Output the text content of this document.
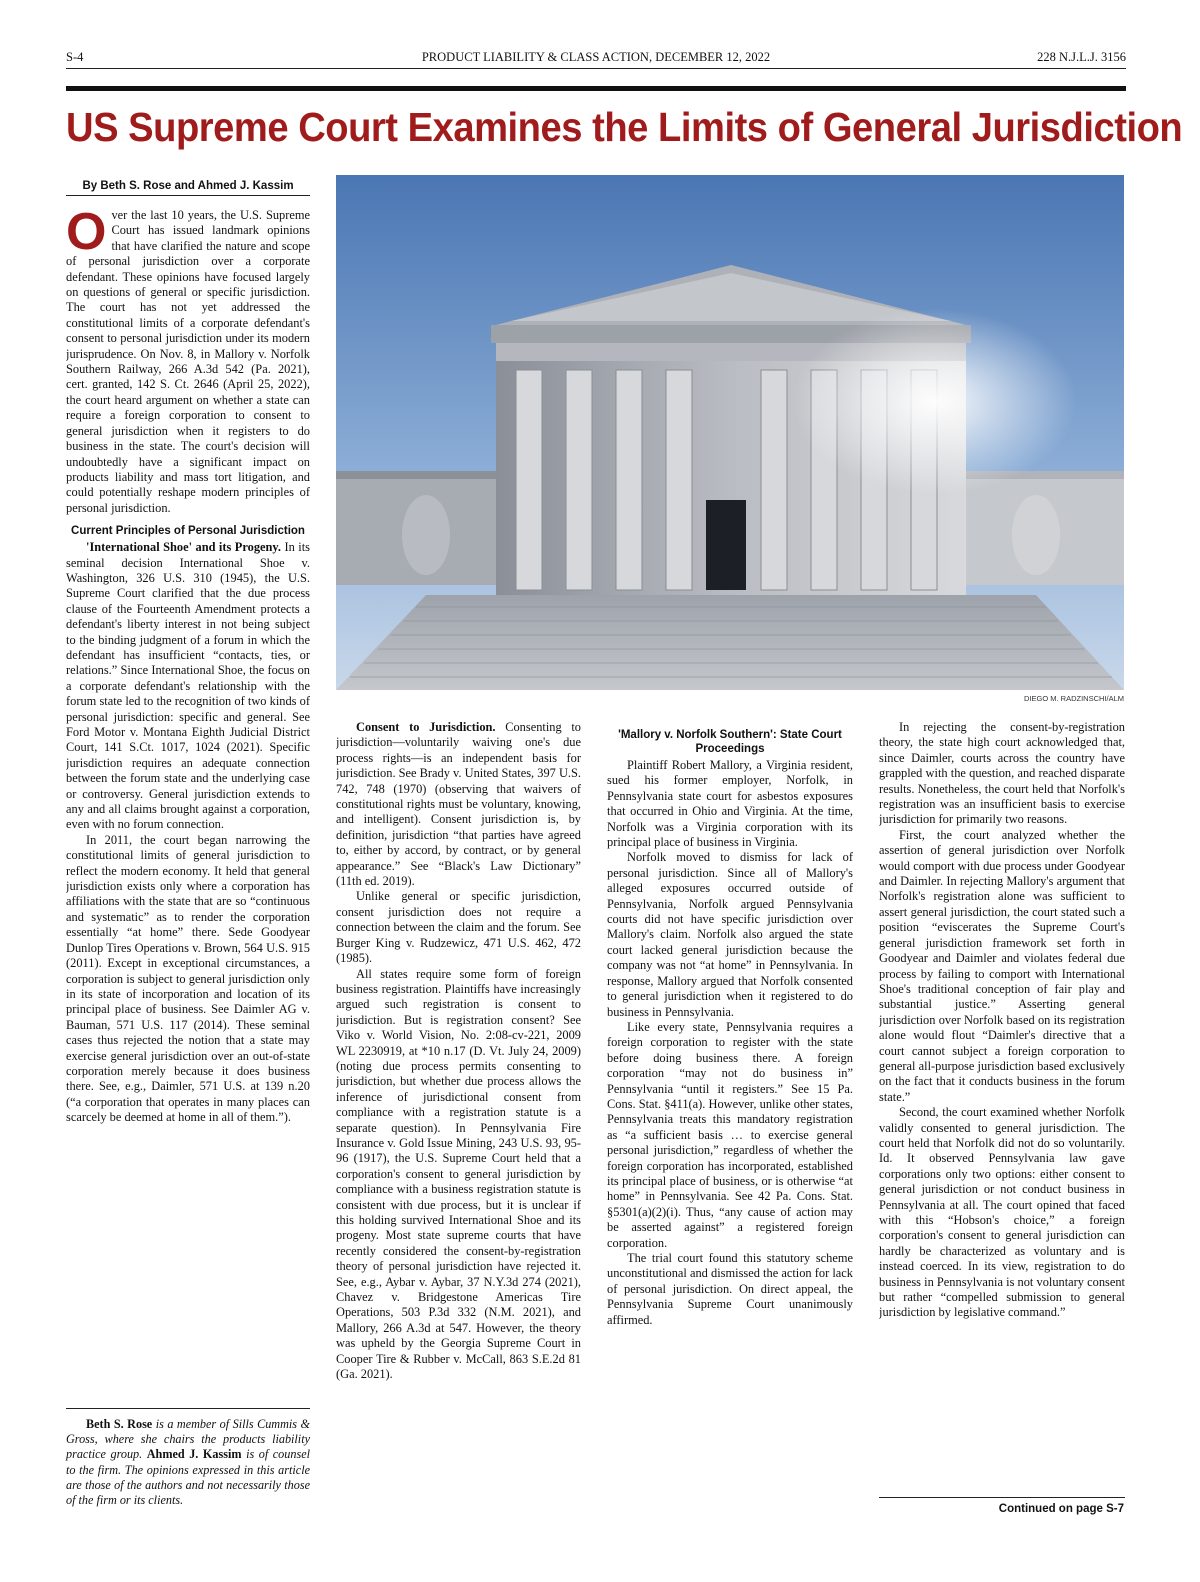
S-4	PRODUCT LIABILITY & CLASS ACTION, DECEMBER 12, 2022	228 N.J.L.J. 3156
US Supreme Court Examines the Limits of General Jurisdiction
By Beth S. Rose and Ahmed J. Kassim
DIEGO M. RADZINSCHI/ALM

Over the last 10 years, the U.S. Supreme Court has issued landmark opinions that have clarified the nature and scope of personal jurisdiction over a corporate defendant. These opinions have focused largely on questions of general or specific jurisdiction. The court has not yet addressed the constitutional limits of a corporate defendant's consent to personal jurisdiction under its modern jurisprudence. On Nov. 8, in Mallory v. Norfolk Southern Railway, 266 A.3d 542 (Pa. 2021), cert. granted, 142 S. Ct. 2646 (April 25, 2022), the court heard argument on whether a state can require a foreign corporation to consent to general jurisdiction when it registers to do business in the state. The court's decision will undoubtedly have a significant impact on products liability and mass tort litigation, and could potentially reshape modern principles of personal jurisdiction.

Current Principles of Personal Jurisdiction

'International Shoe' and its Progeny. In its seminal decision International Shoe v. Washington, 326 U.S. 310 (1945), the U.S. Supreme Court clarified that the due process clause of the Fourteenth Amendment protects a defendant's liberty interest in not being subject to the binding judgment of a forum in which the defendant has insufficient “contacts, ties, or relations.” Since International Shoe, the focus on a corporate defendant's relationship with the forum state led to the recognition of two kinds of personal jurisdiction: specific and general. See Ford Motor v. Montana Eighth Judicial District Court, 141 S.Ct. 1017, 1024 (2021). Specific jurisdiction requires an adequate connection between the forum state and the underlying case or controversy. General jurisdiction extends to any and all claims brought against a corporation, even with no forum connection.

In 2011, the court began narrowing the constitutional limits of general jurisdiction to reflect the modern economy. It held that general jurisdiction exists only where a corporation has affiliations with the state that are so “continuous and systematic” as to render the corporation essentially “at home” there. Sede Goodyear Dunlop Tires Operations v. Brown, 564 U.S. 915 (2011). Except in exceptional circumstances, a corporation is subject to general jurisdiction only in its state of incorporation and location of its principal place of business. See Daimler AG v. Bauman, 571 U.S. 117 (2014). These seminal cases thus rejected the notion that a state may exercise general jurisdiction over an out-of-state corporation merely because it does business there. See, e.g., Daimler, 571 U.S. at 139 n.20 (“a corporation that operates in many places can scarcely be deemed at home in all of them.”).

Consent to Jurisdiction. Consenting to jurisdiction—voluntarily waiving one's due process rights—is an independent basis for jurisdiction. See Brady v. United States, 397 U.S. 742, 748 (1970) (observing that waivers of constitutional rights must be voluntary, knowing, and intelligent). Consent jurisdiction is, by definition, jurisdiction “that parties have agreed to, either by accord, by contract, or by general appearance.” See “Black's Law Dictionary” (11th ed. 2019).

Unlike general or specific jurisdiction, consent jurisdiction does not require a connection between the claim and the forum. See Burger King v. Rudzewicz, 471 U.S. 462, 472 (1985).

All states require some form of foreign business registration. Plaintiffs have increasingly argued such registration is consent to jurisdiction. But is registration consent? See Viko v. World Vision, No. 2:08-cv-221, 2009 WL 2230919, at *10 n.17 (D. Vt. July 24, 2009) (noting due process permits consenting to jurisdiction, but whether due process allows the inference of jurisdictional consent from compliance with a registration statute is a separate question). In Pennsylvania Fire Insurance v. Gold Issue Mining, 243 U.S. 93, 95-96 (1917), the U.S. Supreme Court held that a corporation's consent to general jurisdiction by compliance with a business registration statute is consistent with due process, but it is unclear if this holding survived International Shoe and its progeny. Most state supreme courts that have recently considered the consent-by-registration theory of personal jurisdiction have rejected it. See, e.g., Aybar v. Aybar, 37 N.Y.3d 274 (2021), Chavez v. Bridgestone Americas Tire Operations, 503 P.3d 332 (N.M. 2021), and Mallory, 266 A.3d at 547. However, the theory was upheld by the Georgia Supreme Court in Cooper Tire & Rubber v. McCall, 863 S.E.2d 81 (Ga. 2021).

'Mallory v. Norfolk Southern': State Court Proceedings

Plaintiff Robert Mallory, a Virginia resident, sued his former employer, Norfolk, in Pennsylvania state court for asbestos exposures that occurred in Ohio and Virginia. At the time, Norfolk was a Virginia corporation with its principal place of business in Virginia.

Norfolk moved to dismiss for lack of personal jurisdiction. Since all of Mallory's alleged exposures occurred outside of Pennsylvania, Norfolk argued Pennsylvania courts did not have specific jurisdiction over Mallory's claim. Norfolk also argued the state court lacked general jurisdiction because the company was not “at home” in Pennsylvania. In response, Mallory argued that Norfolk consented to general jurisdiction when it registered to do business in Pennsylvania.

Like every state, Pennsylvania requires a foreign corporation to register with the state before doing business there. A foreign corporation “may not do business in” Pennsylvania “until it registers.” See 15 Pa. Cons. Stat. §411(a). However, unlike other states, Pennsylvania treats this mandatory registration as “a sufficient basis … to exercise general personal jurisdiction,” regardless of whether the foreign corporation has incorporated, established its principal place of business, or is otherwise “at home” in Pennsylvania. See 42 Pa. Cons. Stat. §5301(a)(2)(i). Thus, “any cause of action may be asserted against” a registered foreign corporation.

The trial court found this statutory scheme unconstitutional and dismissed the action for lack of personal jurisdiction. On direct appeal, the Pennsylvania Supreme Court unanimously affirmed.

In rejecting the consent-by-registration theory, the state high court acknowledged that, since Daimler, courts across the country have grappled with the question, and reached disparate results. Nonetheless, the court held that Norfolk's registration was an insufficient basis to exercise jurisdiction for primarily two reasons.

First, the court analyzed whether the assertion of general jurisdiction over Norfolk would comport with due process under Goodyear and Daimler. In rejecting Mallory's argument that Norfolk's registration alone was sufficient to assert general jurisdiction, the court stated such a position “eviscerates the Supreme Court's general jurisdiction framework set forth in Goodyear and Daimler and violates federal due process by failing to comport with International Shoe's traditional conception of fair play and substantial justice.” Asserting general jurisdiction over Norfolk based on its registration alone would flout “Daimler's directive that a court cannot subject a foreign corporation to general all-purpose jurisdiction based exclusively on the fact that it conducts business in the forum state.”

Second, the court examined whether Norfolk validly consented to general jurisdiction. The court held that Norfolk did not do so voluntarily. Id. It observed Pennsylvania law gave corporations only two options: either consent to general jurisdiction or not conduct business in Pennsylvania at all. The court opined that faced with this “Hobson's choice,” a foreign corporation's consent to general jurisdiction can hardly be characterized as voluntary and is instead coerced. In its view, registration to do business in Pennsylvania is not voluntary consent but rather “compelled submission to general jurisdiction by legislative command.”

Beth S. Rose is a member of Sills Cummis & Gross, where she chairs the products liability practice group. Ahmed J. Kassim is of counsel to the firm. The opinions expressed in this article are those of the authors and not necessarily those of the firm or its clients.

Continued on page S-7
